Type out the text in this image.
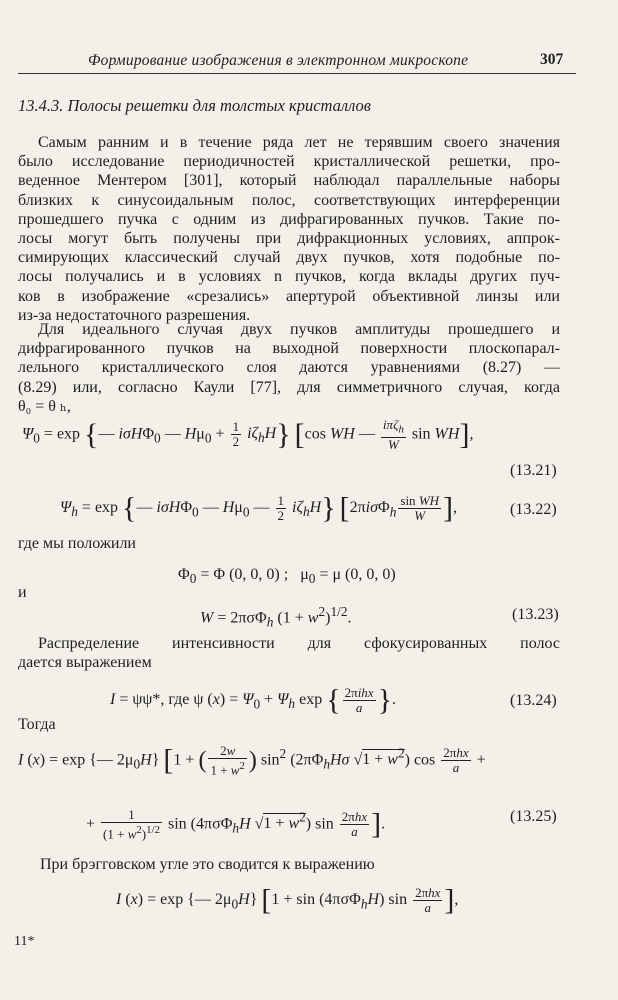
Формирование изображения в электронном микроскопе	307
13.4.3. Полосы решетки для толстых кристаллов
Самым ранним и в течение ряда лет не терявшим своего значения
было исследование периодичностей кристаллической решетки, про-
веденное Ментером [301], который наблюдал параллельные наборы
близких к синусоидальным полос, соответствующих интерференции
прошедшего пучка с одним из дифрагированных пучков. Такие по-
лосы могут быть получены при дифракционных условиях, аппрок-
симирующих классический случай двух пучков, хотя подобные по-
лосы получались и в условиях n пучков, когда вклады других пуч-
ков в изображение «срезались» апертурой объективной линзы или
из-за недостаточного разрешения.
Для идеального случая двух пучков амплитуды прошедшего и
дифрагированного пучков на выходной поверхности плоскопарал-
лельного кристаллического слоя даются уравнениями (8.27) —
(8.29) или, согласно Каули [77], для симметричного случая, когда
θ₀ = θ ₕ,
$\Psi_0 = \exp$ {— iσHΦ$_0$ — $H\mu_0 + \frac{1}{2} i\zeta_hH$} [cos WH — $\frac{i\pi\zeta_h}{W}$ sin WH],
(13.21)
$\Psi_h = \exp$ {— iσHΦ$_0$ — $H\mu_0$ — $\frac{1}{2} i\zeta_hH$} [$2\pi i\sigma\Phi_h \frac{\text{sin WH}}{W}$ ],	(13.22)
где мы положили
$\Phi_0 = \Phi$ (0, 0, 0) ;   $\mu_0 = \mu$ (0, 0, 0)
и
W = 2πσΦ$_h$ $(1 + w^2)^{1/2}$.	(13.23)
Распределение интенсивности для сфокусированных полос
дается выражением
I = ψψ*, где ψ $(x) = \Psi_0 + \Psi_h$ exp { $\frac{\text{2πihx}}{a}$ }.	(13.24)
Тогда
I (x) = exp {— $2\mu_0H$} [1 + ( $\frac{2w}{1 + w^2}$ ) $\sin^2 (2\pi\Phi_hH\sigma$ $√1 + w^2$) $\cos \frac{\text{2πhx}}{a}$ +
+ $\frac{1}{(1 + w^2)^{1/2}}$ sin (4πσΦ$_h$H $√1 + w^2$) $\sin \frac{\text{2πhx}}{a}$ ].	(13.25)
При брэгговском угле это сводится к выражению
I (x) = exp {— $2\mu_0H$} [1 + sin (4πσΦ$_h$H) $\sin \frac{\text{2πhx}}{a}$ ],
11*
